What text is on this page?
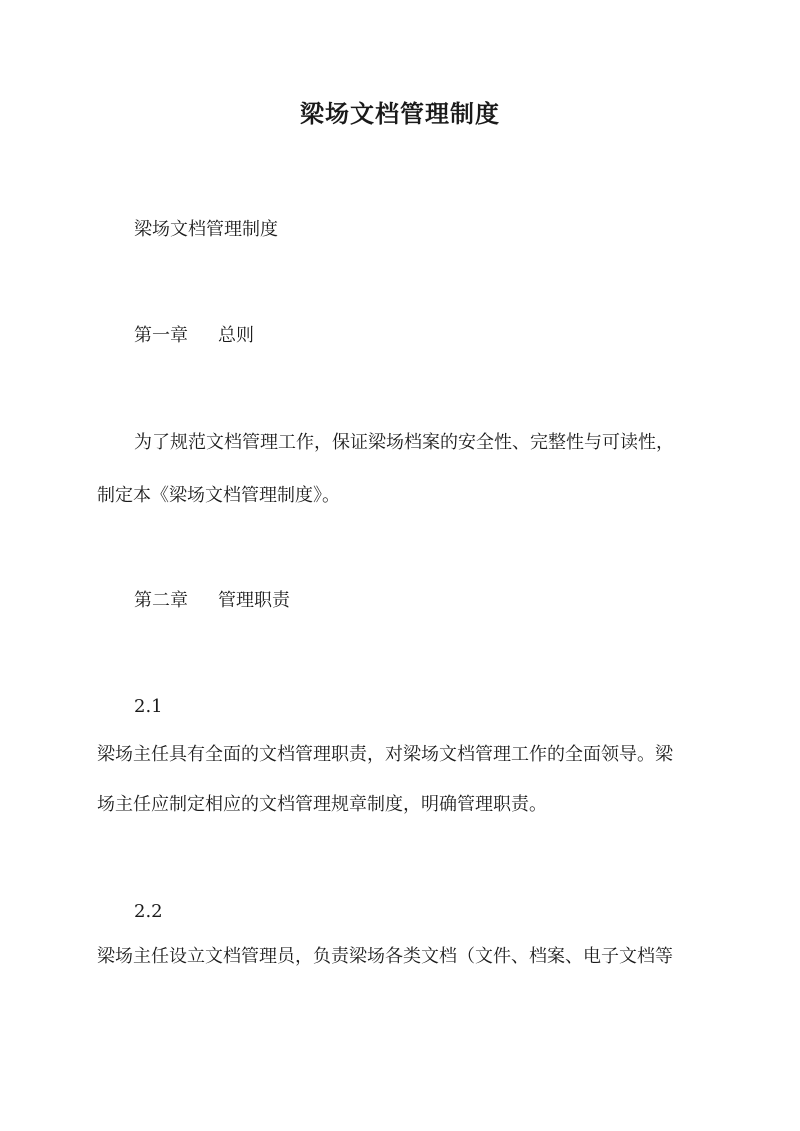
梁场文档管理制度
梁场文档管理制度
第一章 总则
为了规范文档管理工作，保证梁场档案的安全性、完整性与可读性，
制定本《梁场文档管理制度》。
第二章 管理职责
2.1
梁场主任具有全面的文档管理职责，对梁场文档管理工作的全面领导。梁
场主任应制定相应的文档管理规章制度，明确管理职责。
2.2
梁场主任设立文档管理员，负责梁场各类文档（文件、档案、电子文档等
